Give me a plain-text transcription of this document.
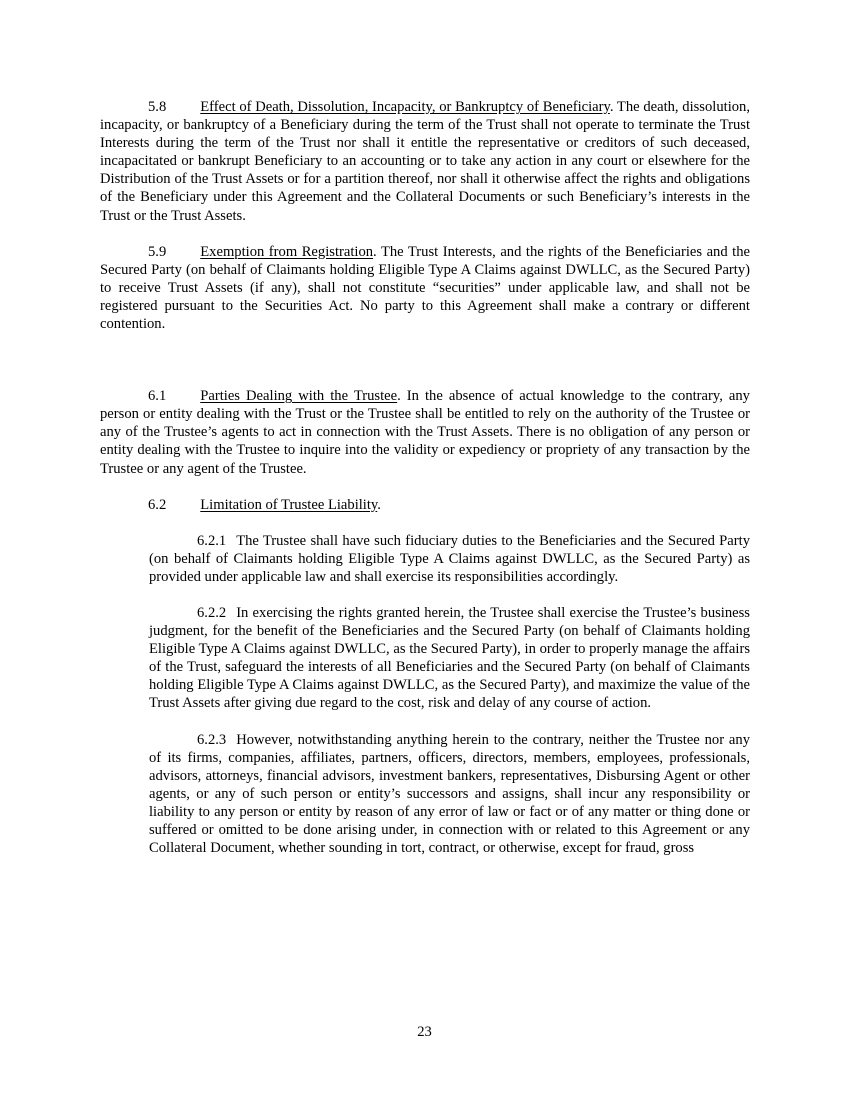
5.8 Effect of Death, Dissolution, Incapacity, or Bankruptcy of Beneficiary. The death, dissolution, incapacity, or bankruptcy of a Beneficiary during the term of the Trust shall not operate to terminate the Trust Interests during the term of the Trust nor shall it entitle the representative or creditors of such deceased, incapacitated or bankrupt Beneficiary to an accounting or to take any action in any court or elsewhere for the Distribution of the Trust Assets or for a partition thereof, nor shall it otherwise affect the rights and obligations of the Beneficiary under this Agreement and the Collateral Documents or such Beneficiary’s interests in the Trust or the Trust Assets.

5.9 Exemption from Registration. The Trust Interests, and the rights of the Beneficiaries and the Secured Party (on behalf of Claimants holding Eligible Type A Claims against DWLLC, as the Secured Party) to receive Trust Assets (if any), shall not constitute “securities” under applicable law, and shall not be registered pursuant to the Securities Act. No party to this Agreement shall make a contrary or different contention.

6.1 Parties Dealing with the Trustee. In the absence of actual knowledge to the contrary, any person or entity dealing with the Trust or the Trustee shall be entitled to rely on the authority of the Trustee or any of the Trustee’s agents to act in connection with the Trust Assets. There is no obligation of any person or entity dealing with the Trustee to inquire into the validity or expediency or propriety of any transaction by the Trustee or any agent of the Trustee.

6.2 Limitation of Trustee Liability.

6.2.1 The Trustee shall have such fiduciary duties to the Beneficiaries and the Secured Party (on behalf of Claimants holding Eligible Type A Claims against DWLLC, as the Secured Party) as provided under applicable law and shall exercise its responsibilities accordingly.

6.2.2 In exercising the rights granted herein, the Trustee shall exercise the Trustee’s business judgment, for the benefit of the Beneficiaries and the Secured Party (on behalf of Claimants holding Eligible Type A Claims against DWLLC, as the Secured Party), in order to properly manage the affairs of the Trust, safeguard the interests of all Beneficiaries and the Secured Party (on behalf of Claimants holding Eligible Type A Claims against DWLLC, as the Secured Party), and maximize the value of the Trust Assets after giving due regard to the cost, risk and delay of any course of action.

6.2.3 However, notwithstanding anything herein to the contrary, neither the Trustee nor any of its firms, companies, affiliates, partners, officers, directors, members, employees, professionals, advisors, attorneys, financial advisors, investment bankers, representatives, Disbursing Agent or other agents, or any of such person or entity’s successors and assigns, shall incur any responsibility or liability to any person or entity by reason of any error of law or fact or of any matter or thing done or suffered or omitted to be done arising under, in connection with or related to this Agreement or any Collateral Document, whether sounding in tort, contract, or otherwise, except for fraud, gross

23
